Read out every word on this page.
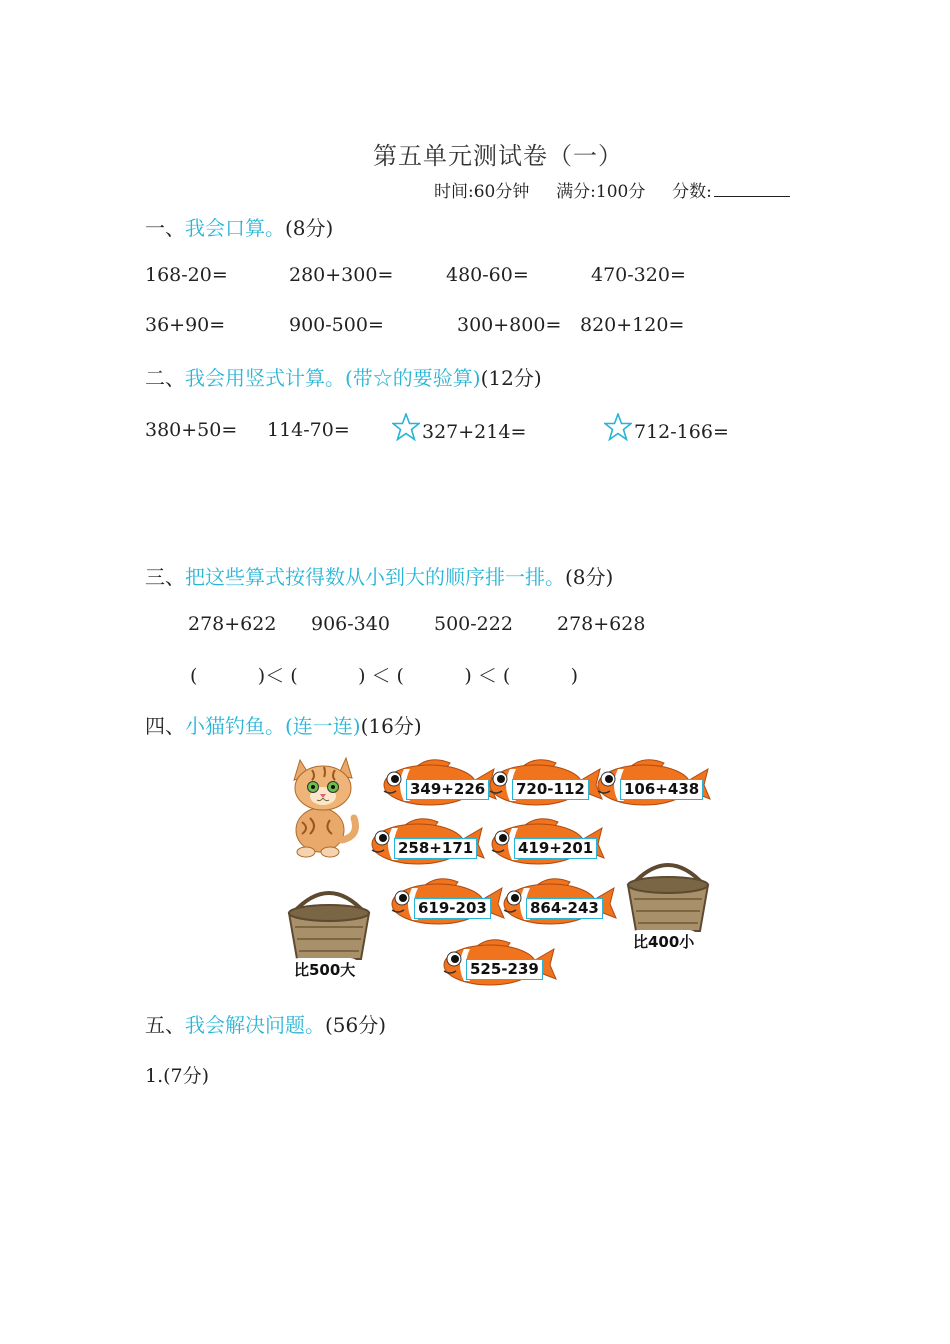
第五单元测试卷（一）
时间:60分钟 满分:100分 分数:
一、我会口算。(8分)
168-20=	280+300=	480-60=	470-320=
36+90=	900-500=	300+800= 820+120=
二、我会用竖式计算。(带☆的要验算)(12分)
380+50= 114-70=	327+214=	712-166=
三、把这些算式按得数从小到大的顺序排一排。(8分)
278+622 906-340 500-222 278+628
(          )＜ (          ) ＜ (          ) ＜ (          )
四、小猫钓鱼。(连一连)(16分)
349+226 720-112	106+438
258+171	419+201
619-203	864-243
525-239
比500大
比400小
五、我会解决问题。(56分)
1.(7分)
